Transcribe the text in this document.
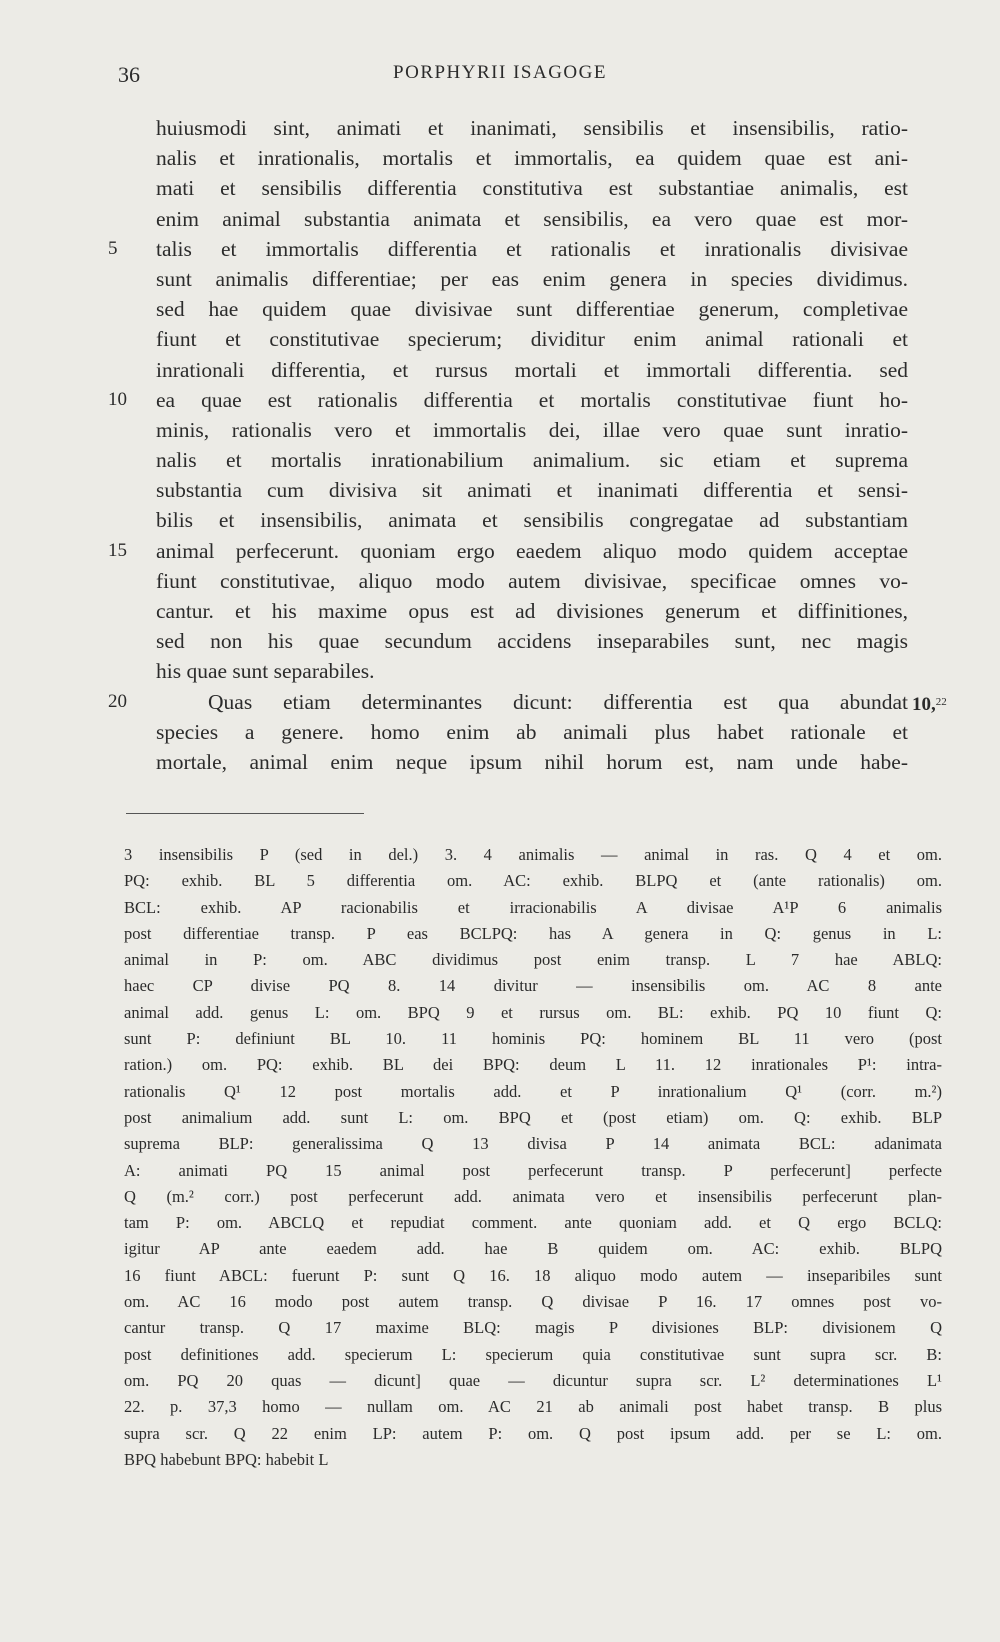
36	PORPHYRII ISAGOGE
huiusmodi sint, animati et inanimati, sensibilis et insensibilis, ratio-
nalis et inrationalis, mortalis et immortalis, ea quidem quae est ani-
mati et sensibilis differentia constitutiva est substantiae animalis, est
enim animal substantia animata et sensibilis, ea vero quae est mor-
5	talis et immortalis differentia et rationalis et inrationalis divisivae
sunt animalis differentiae; per eas enim genera in species dividimus.
sed hae quidem quae divisivae sunt differentiae generum, completivae
fiunt et constitutivae specierum; dividitur enim animal rationali et
inrationali differentia, et rursus mortali et immortali differentia. sed
10	ea quae est rationalis differentia et mortalis constitutivae fiunt ho-
minis, rationalis vero et immortalis dei, illae vero quae sunt inratio-
nalis et mortalis inrationabilium animalium. sic etiam et suprema
substantia cum divisiva sit animati et inanimati differentia et sensi-
bilis et insensibilis, animata et sensibilis congregatae ad substantiam
15	animal perfecerunt. quoniam ergo eaedem aliquo modo quidem acceptae
fiunt constitutivae, aliquo modo autem divisivae, specificae omnes vo-
cantur. et his maxime opus est ad divisiones generum et diffinitiones,
sed non his quae secundum accidens inseparabiles sunt, nec magis
his quae sunt separabiles.
20	Quas etiam determinantes dicunt: differentia est qua abundat $10,_{22}$
species a genere. homo enim ab animali plus habet rationale et
mortale, animal enim neque ipsum nihil horum est, nam unde habe-
3 insensibilis P (sed in del.) 3. 4 animalis — animal in ras. Q 4 et om.
PQ: exhib. BL 5 differentia om. AC: exhib. BLPQ et (ante rationalis) om.
BCL: exhib. AP racionabilis et irracionabilis A divisae A¹P 6 animalis
post differentiae transp. P eas BCLPQ: has A genera in Q: genus in L:
animal in P: om. ABC dividimus post enim transp. L 7 hae ABLQ:
haec CP divise PQ 8. 14 divitur — insensibilis om. AC 8 ante
animal add. genus L: om. BPQ 9 et rursus om. BL: exhib. PQ 10 fiunt Q:
sunt P: definiunt BL 10. 11 hominis PQ: hominem BL 11 vero (post
ration.) om. PQ: exhib. BL dei BPQ: deum L 11. 12 inrationales P¹: intra-
rationalis Q¹ 12 post mortalis add. et P inrationalium Q¹ (corr. m.²)
post animalium add. sunt L: om. BPQ et (post etiam) om. Q: exhib. BLP
suprema BLP: generalissima Q 13 divisa P 14 animata BCL: adanimata
A: animati PQ 15 animal post perfecerunt transp. P perfecerunt] perfecte
Q (m.² corr.) post perfecerunt add. animata vero et insensibilis perfecerunt plan-
tam P: om. ABCLQ et repudiat comment. ante quoniam add. et Q ergo BCLQ:
igitur AP ante eaedem add. hae B quidem om. AC: exhib. BLPQ
16 fiunt ABCL: fuerunt P: sunt Q 16. 18 aliquo modo autem — inseparibiles sunt
om. AC 16 modo post autem transp. Q divisae P 16. 17 omnes post vo-
cantur transp. Q 17 maxime BLQ: magis P divisiones BLP: divisionem Q
post definitiones add. specierum L: specierum quia constitutivae sunt supra scr. B:
om. PQ 20 quas — dicunt] quae — dicuntur supra scr. L² determinationes L¹
22. p. 37,3 homo — nullam om. AC 21 ab animali post habet transp. B plus
supra scr. Q 22 enim LP: autem P: om. Q post ipsum add. per se L: om.
BPQ habebunt BPQ: habebit L
